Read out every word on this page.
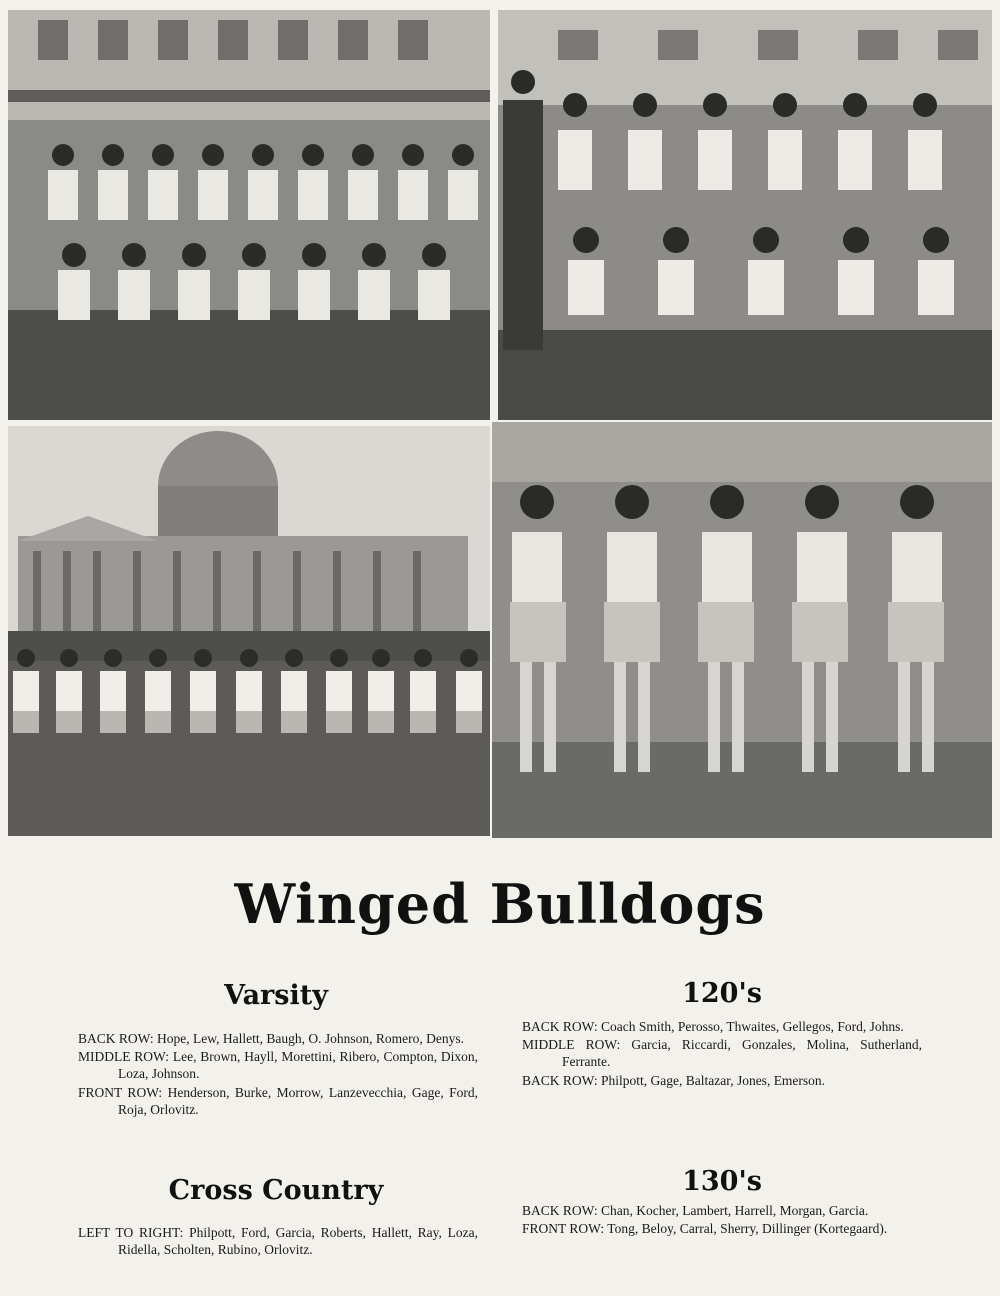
Winged Bulldogs
Varsity
BACK ROW: Hope, Lew, Hallett, Baugh, O. Johnson, Romero, Denys.
MIDDLE ROW: Lee, Brown, Hayll, Morettini, Ribero, Compton, Dixon, Loza, Johnson.
FRONT ROW: Henderson, Burke, Morrow, Lanzevecchia, Gage, Ford, Roja, Orlovitz.
Cross Country
LEFT TO RIGHT: Philpott, Ford, Garcia, Roberts, Hallett, Ray, Loza, Ridella, Scholten, Rubino, Orlovitz.
120's
BACK ROW: Coach Smith, Perosso, Thwaites, Gellegos, Ford, Johns.
MIDDLE ROW: Garcia, Riccardi, Gonzales, Molina, Sutherland, Ferrante.
BACK ROW: Philpott, Gage, Baltazar, Jones, Emerson.
130's
BACK ROW: Chan, Kocher, Lambert, Harrell, Morgan, Garcia.
FRONT ROW: Tong, Beloy, Carral, Sherry, Dillinger (Kortegaard).
